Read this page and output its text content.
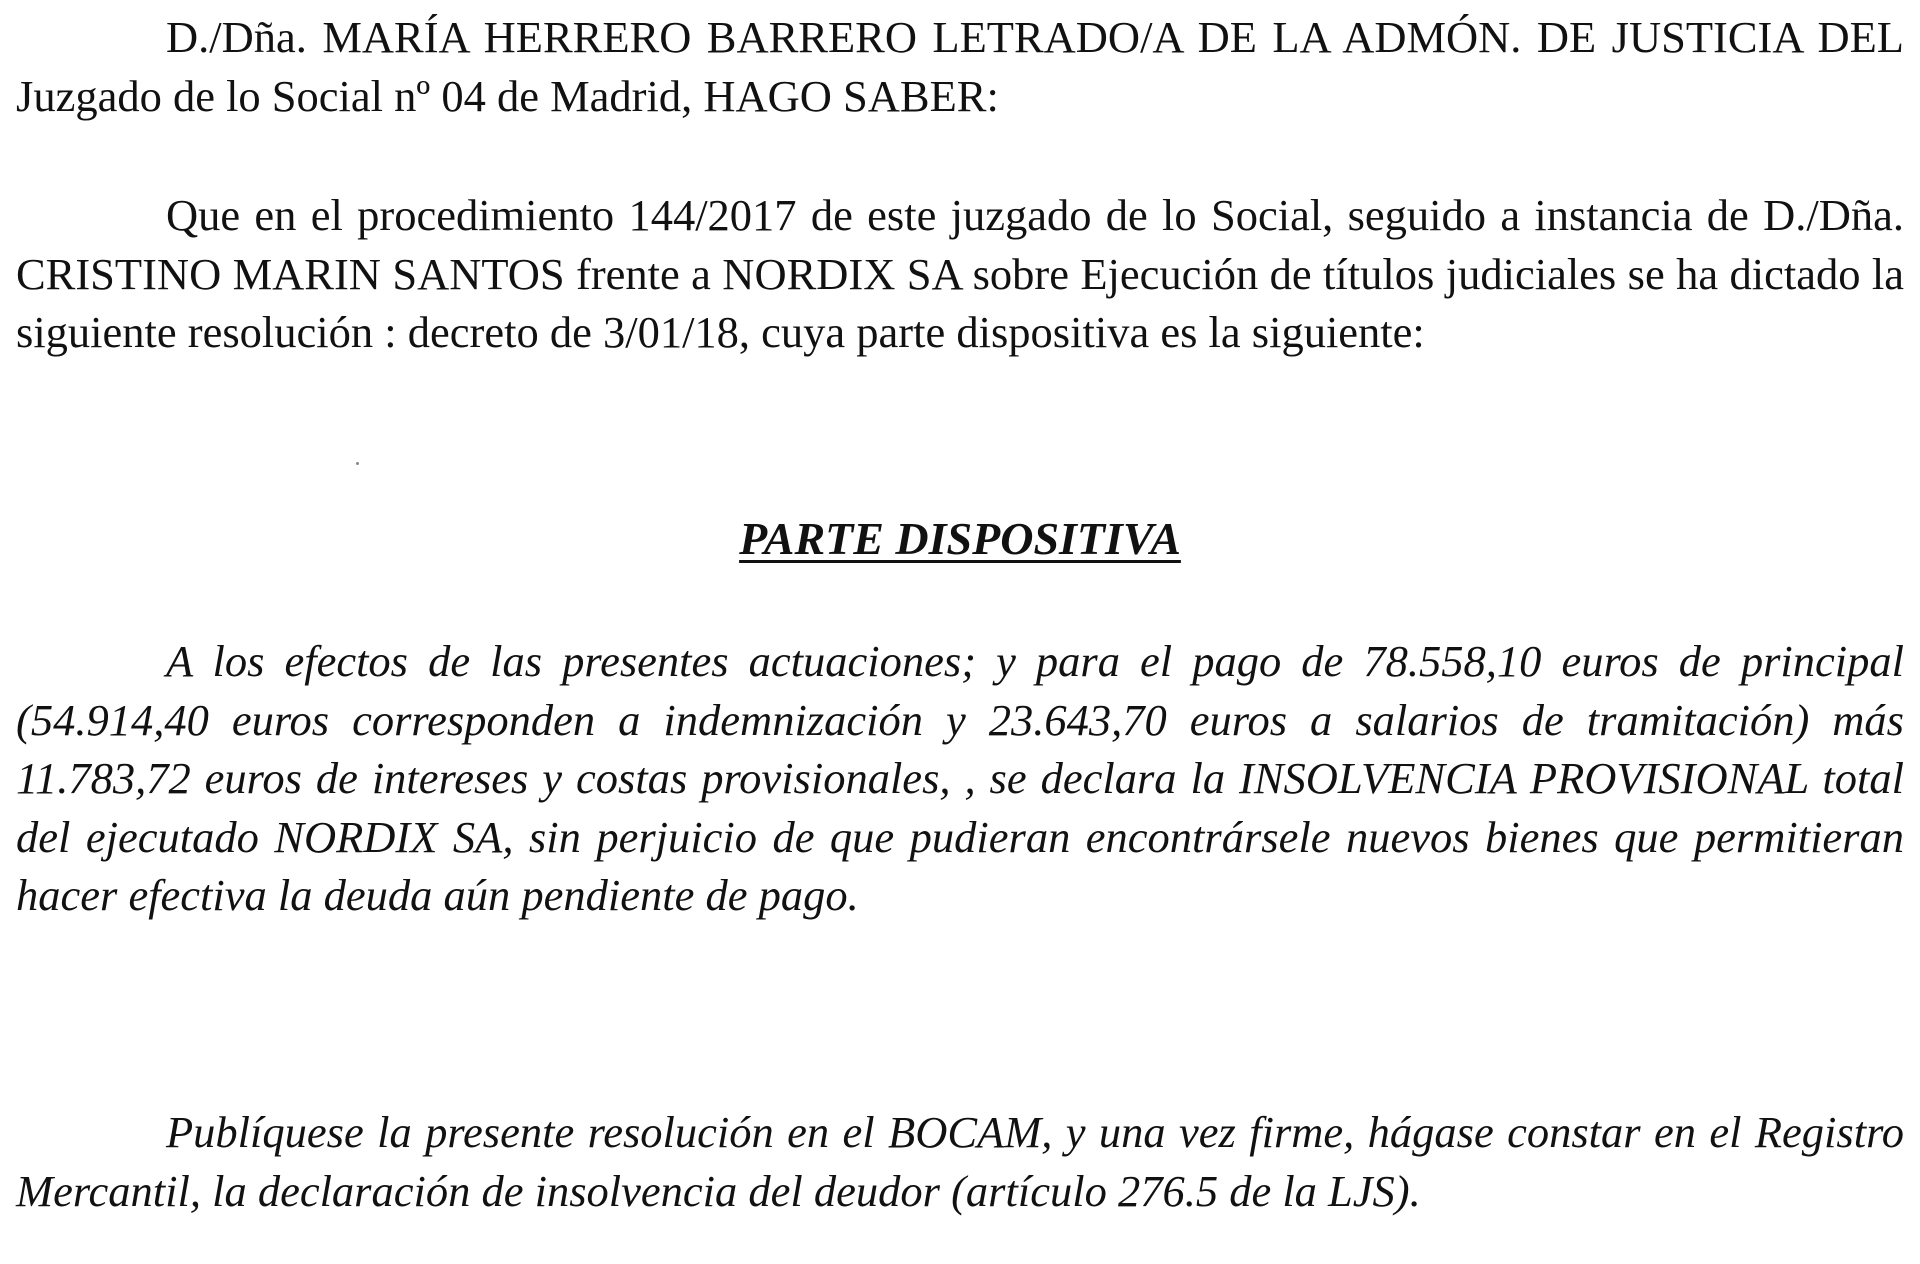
D./Dña. MARÍA HERRERO BARRERO LETRADO/A DE LA ADMÓN. DE JUSTICIA DEL Juzgado de lo Social nº 04 de Madrid, HAGO SABER:

Que en el procedimiento 144/2017 de este juzgado de lo Social, seguido a instancia de D./Dña. CRISTINO MARIN SANTOS frente a NORDIX SA sobre Ejecución de títulos judiciales se ha dictado la siguiente resolución : decreto de 3/01/18, cuya parte dispositiva es la siguiente:

PARTE DISPOSITIVA

A los efectos de las presentes actuaciones; y para el pago de 78.558,10 euros de principal (54.914,40 euros corresponden a indemnización y 23.643,70 euros a salarios de tramitación) más 11.783,72 euros de intereses y costas provisionales, , se declara la INSOLVENCIA PROVISIONAL total del ejecutado NORDIX SA, sin perjuicio de que pudieran encontrársele nuevos bienes que permitieran hacer efectiva la deuda aún pendiente de pago.

Publíquese la presente resolución en el BOCAM, y una vez firme, hágase constar en el Registro Mercantil, la declaración de insolvencia del deudor (artículo 276.5 de la LJS).
